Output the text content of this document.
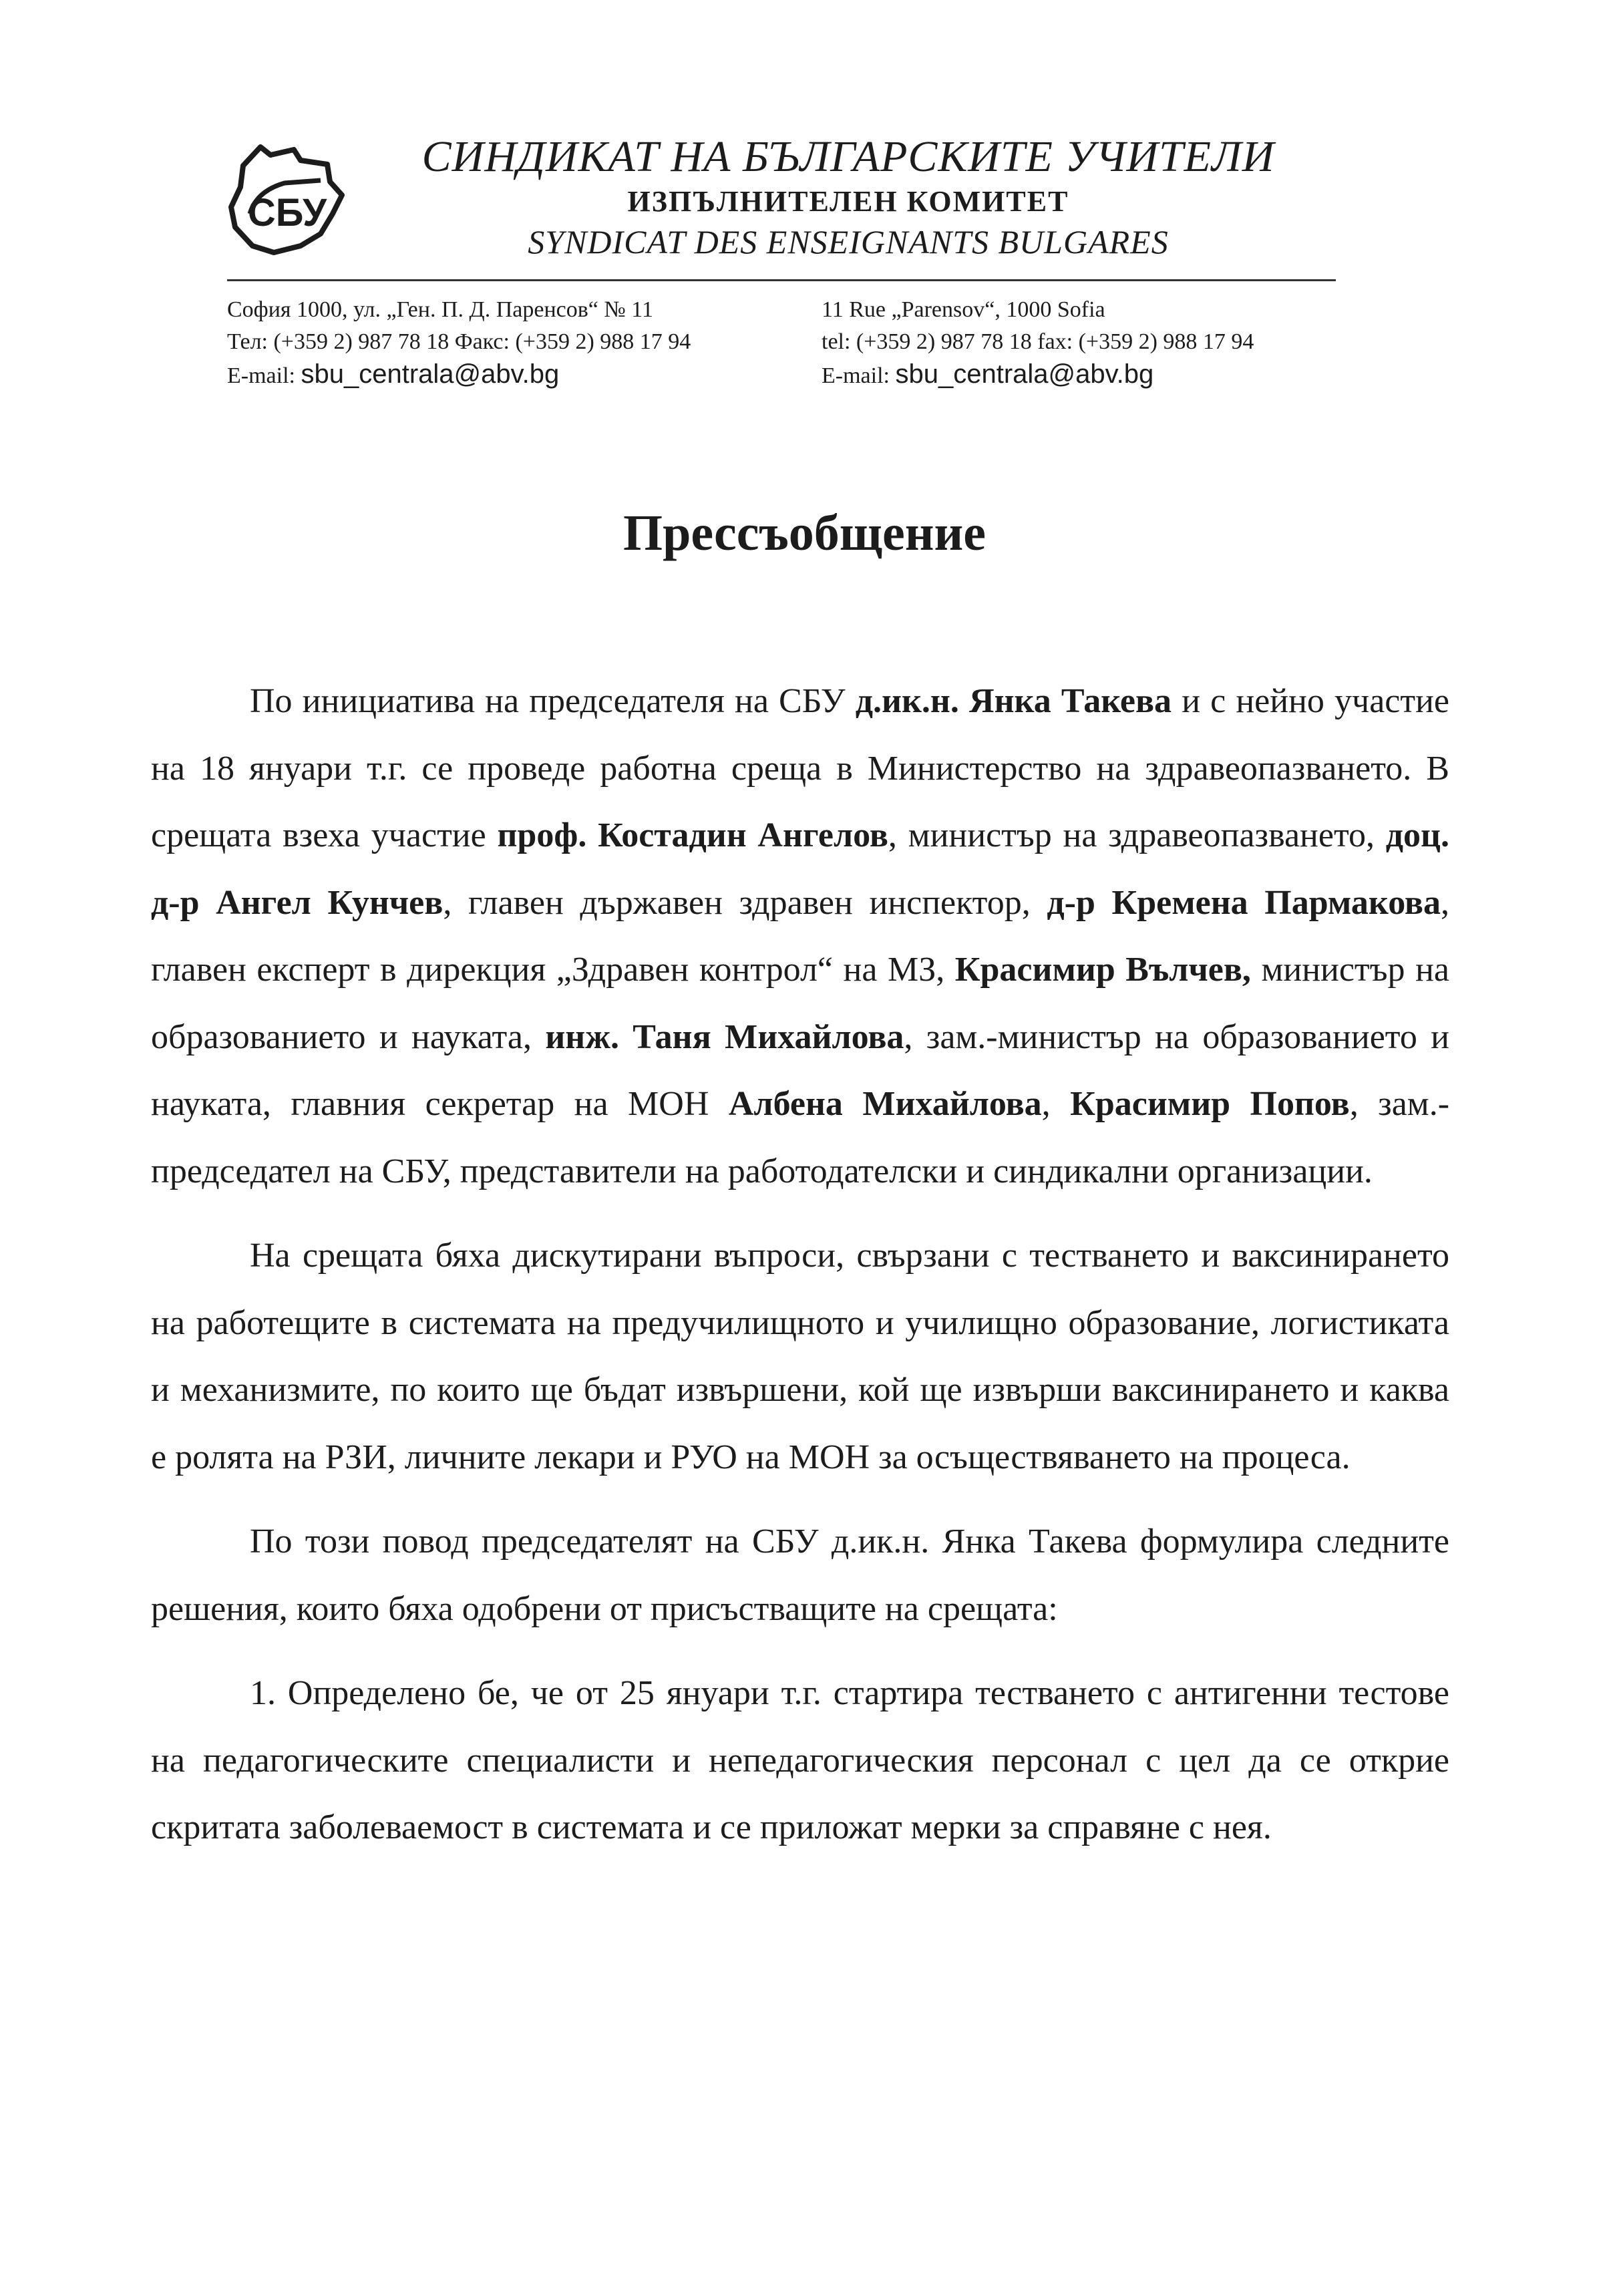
СБУ
СИНДИКАТ НА БЪЛГАРСКИТЕ УЧИТЕЛИ
ИЗПЪЛНИТЕЛЕН КОМИТЕТ
SYNDICAT DES ENSEIGNANTS BULGARES
София 1000, ул. „Ген. П. Д. Паренсов“ № 11
Тел: (+359 2) 987 78 18 Факс: (+359 2) 988 17 94
E-mail: sbu_centrala@abv.bg
11 Rue „Parensov“, 1000 Sofia
tel: (+359 2) 987 78 18 fax: (+359 2) 988 17 94
E-mail: sbu_centrala@abv.bg
Прессъобщение

По инициатива на председателя на СБУ д.ик.н. Янка Такева и с нейно участие на 18 януари т.г. се проведе работна среща в Министерство на здравеопазването. В срещата взеха участие проф. Костадин Ангелов, министър на здравеопазването, доц. д-р Ангел Кунчев, главен държавен здравен инспектор, д-р Кремена Пармакова, главен експерт в дирекция „Здравен контрол“ на МЗ, Красимир Вълчев, министър на образованието и науката, инж. Таня Михайлова, зам.-министър на образованието и науката, главния секретар на МОН Албена Михайлова, Красимир Попов, зам.-председател на СБУ, представители на работодателски и синдикални организации.

На срещата бяха дискутирани въпроси, свързани с тестването и ваксинирането на работещите в системата на предучилищното и училищно образование, логистиката и механизмите, по които ще бъдат извършени, кой ще извърши ваксинирането и каква е ролята на РЗИ, личните лекари и РУО на МОН за осъществяването на процеса.

По този повод председателят на СБУ д.ик.н. Янка Такева формулира следните решения, които бяха одобрени от присъстващите на срещата:

1. Определено бе, че от 25 януари т.г. стартира тестването с антигенни тестове на педагогическите специалисти и непедагогическия персонал с цел да се открие скритата заболеваемост в системата и се приложат мерки за справяне с нея.
